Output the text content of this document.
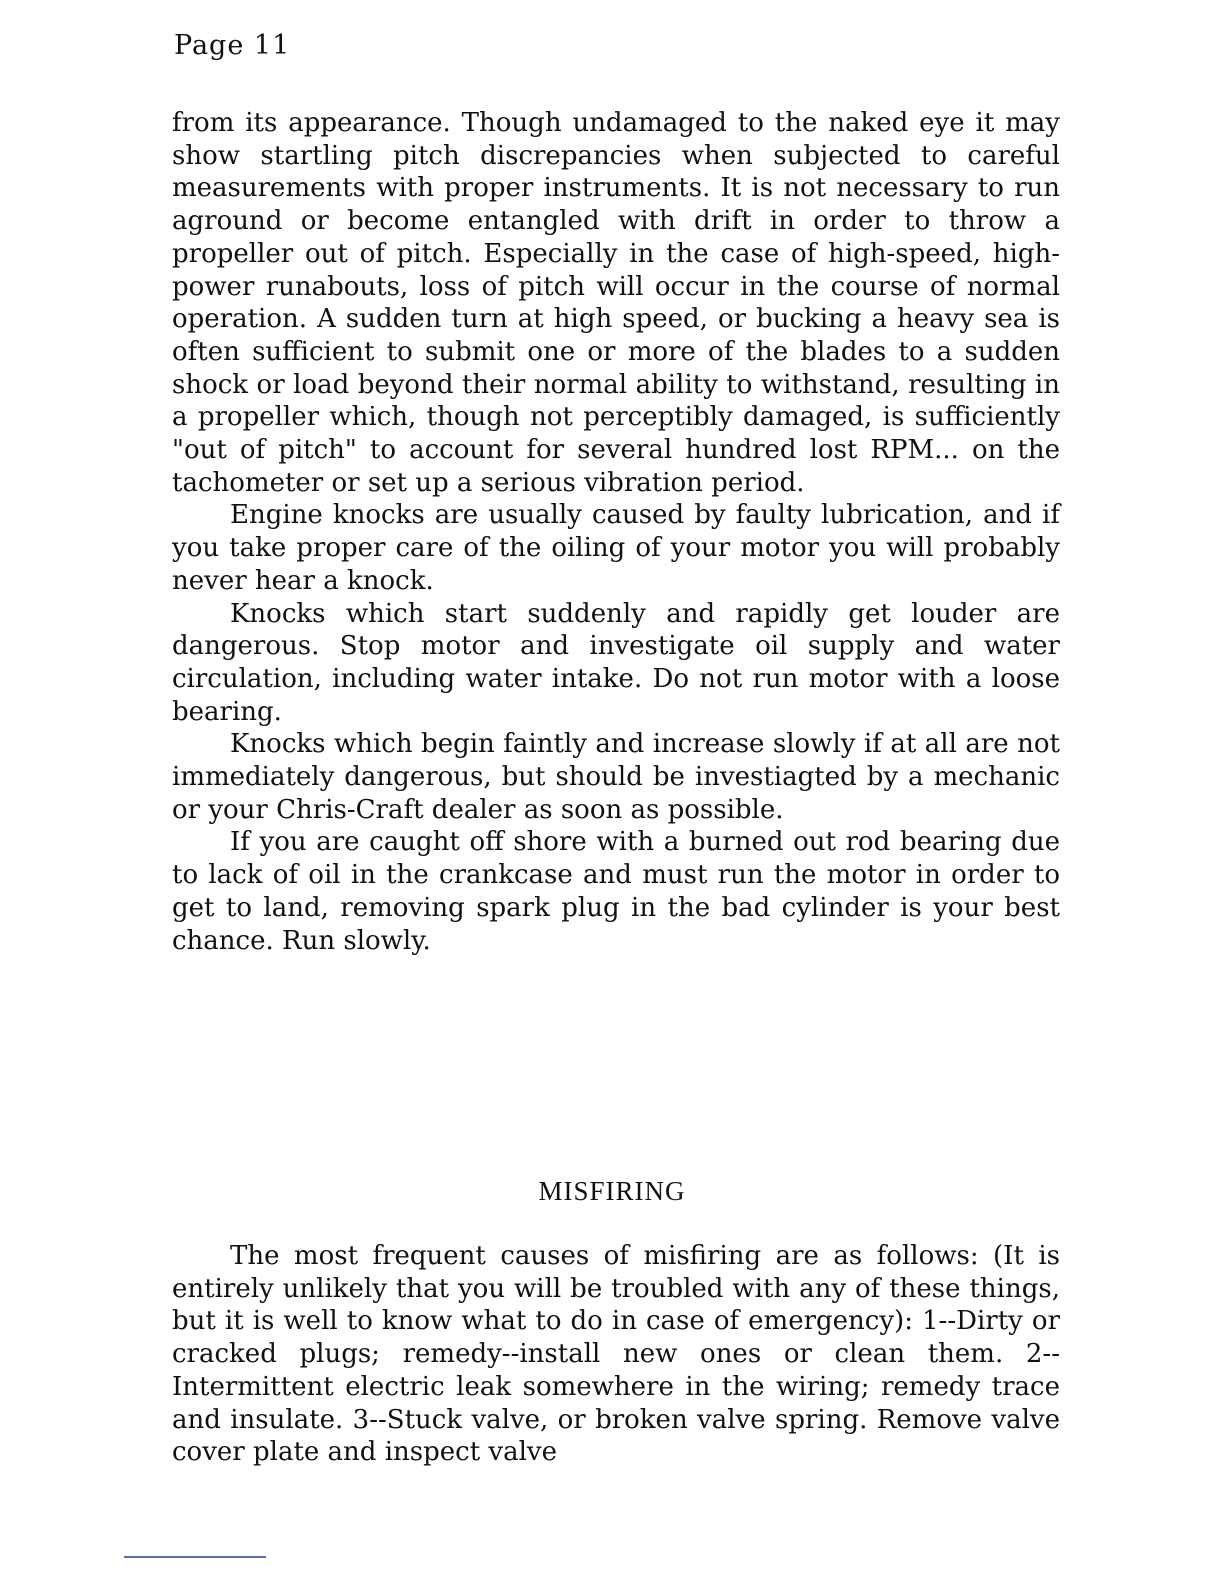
Page 11

from its appearance. Though undamaged to the naked eye it may show startling pitch discrepancies when subjected to careful measurements with proper instruments. It is not necessary to run aground or become entangled with drift in order to throw a propeller out of pitch. Especially in the case of high-speed, high-power runabouts, loss of pitch will occur in the course of normal operation. A sudden turn at high speed, or bucking a heavy sea is often sufficient to submit one or more of the blades to a sudden shock or load beyond their normal ability to withstand, resulting in a propeller which, though not perceptibly damaged, is sufficiently "out of pitch" to account for several hundred lost RPM... on the tachometer or set up a serious vibration period.

Engine knocks are usually caused by faulty lubrication, and if you take proper care of the oiling of your motor you will probably never hear a knock.

Knocks which start suddenly and rapidly get louder are dangerous. Stop motor and investigate oil supply and water circulation, including water intake. Do not run motor with a loose bearing.

Knocks which begin faintly and increase slowly if at all are not immediately dangerous, but should be investiagted by a mechanic or your Chris-Craft dealer as soon as possible.

If you are caught off shore with a burned out rod bearing due to lack of oil in the crankcase and must run the motor in order to get to land, removing spark plug in the bad cylinder is your best chance. Run slowly.

MISFIRING

The most frequent causes of misfiring are as follows: (It is entirely unlikely that you will be troubled with any of these things, but it is well to know what to do in case of emergency): 1--Dirty or cracked plugs; remedy--install new ones or clean them. 2--Intermittent electric leak somewhere in the wiring; remedy trace and insulate. 3--Stuck valve, or broken valve spring. Remove valve cover plate and inspect valve
